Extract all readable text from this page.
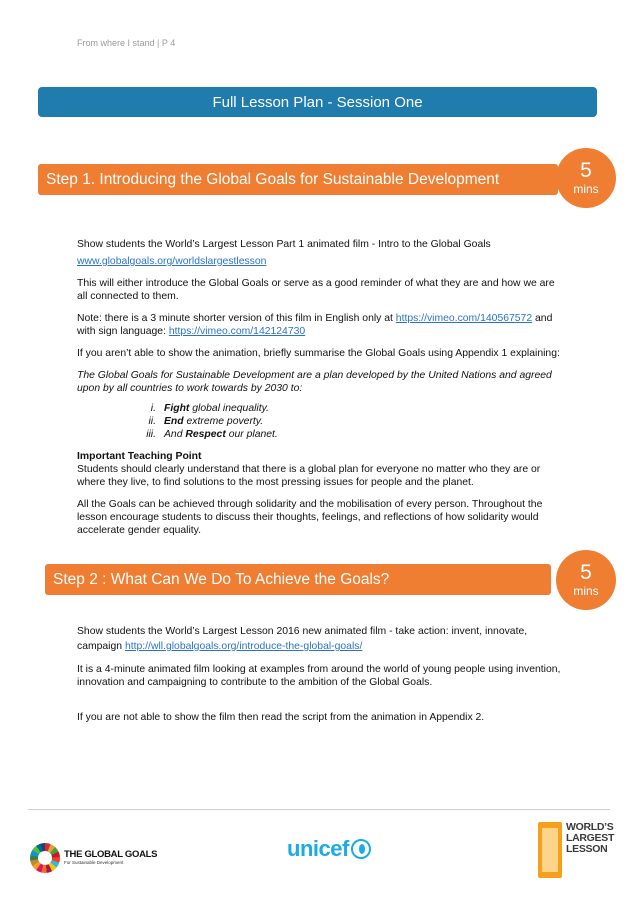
From where I stand | P 4
Full Lesson Plan - Session One
Step 1. Introducing the Global Goals for Sustainable Development	5
mins

Show students the World’s Largest Lesson Part 1 animated film - Intro to the Global Goals

www.globalgoals.org/worldslargestlesson

This will either introduce the Global Goals or serve as a good reminder of what they are and how we are all connected to them.

Note: there is a 3 minute shorter version of this film in English only at https://vimeo.com/140567572 and with sign language: https://vimeo.com/142124730

If you aren’t able to show the animation, briefly summarise the Global Goals using Appendix 1 explaining:

The Global Goals for Sustainable Development are a plan developed by the United Nations and agreed upon by all countries to work towards by 2030 to:

i. Fight global inequality.
ii. End extreme poverty.
iii. And Respect our planet.

Important Teaching Point
Students should clearly understand that there is a global plan for everyone no matter who they are or where they live, to find solutions to the most pressing issues for people and the planet.

All the Goals can be achieved through solidarity and the mobilisation of every person. Throughout the lesson encourage students to discuss their thoughts, feelings, and reflections of how solidarity would accelerate gender equality.

Step 2 : What Can We Do To Achieve the Goals?	5
mins

Show students the World’s Largest Lesson 2016 new animated film - take action: invent, innovate, campaign http://wll.globalgoals.org/introduce-the-global-goals/

It is a 4-minute animated film looking at examples from around the world of young people using invention, innovation and campaigning to contribute to the ambition of the Global Goals.

If you are not able to show the film then read the script from the animation in Appendix 2.

THE GLOBAL GOALS
For Sustainable Development
unicef
WORLD’S
LARGEST
LESSON
